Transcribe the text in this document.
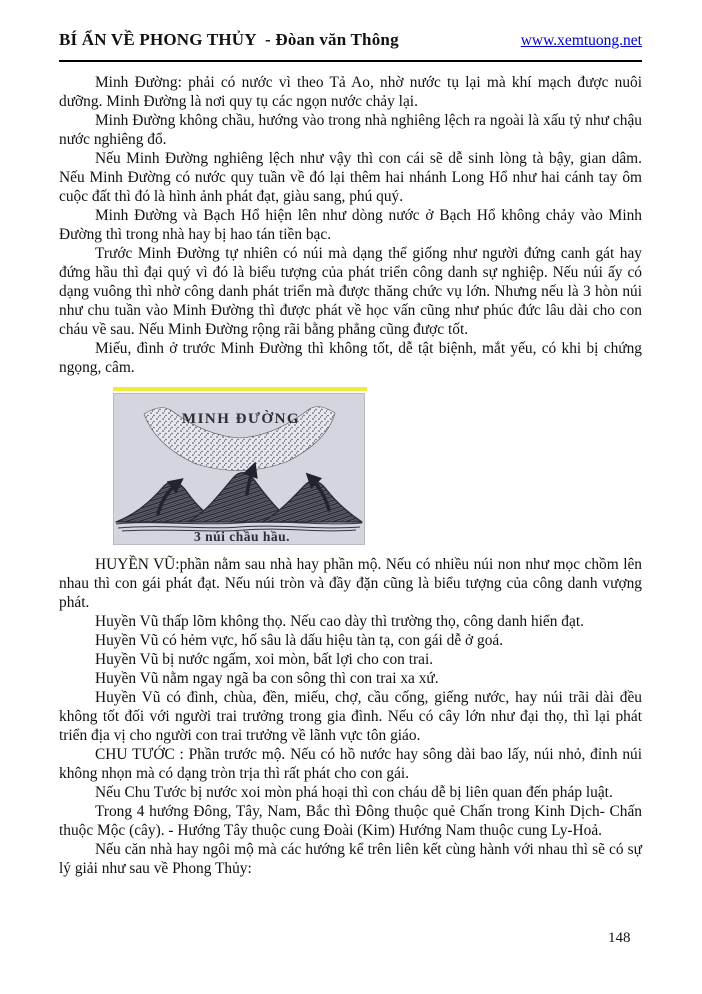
BÍ ẨN VỀ PHONG THỦY  - Đòan văn Thông	www.xemtuong.net

Minh Đường: phải có nước vì theo Tả Ao, nhờ nước tụ lại mà khí mạch được nuôi dưỡng. Minh Đường là nơi quy tụ các ngọn nước chảy lại.

Minh Đường không chầu, hướng vào trong nhà nghiêng lệch ra ngoài là xấu tỷ như chậu nước nghiêng đổ.

Nếu Minh Đường nghiêng lệch như vậy thì con cái sẽ dễ sinh lòng tà bậy, gian dâm. Nếu Minh Đường có nước quy tuần về đó lại thêm hai nhánh Long Hổ như hai cánh tay ôm cuộc đất thì đó là hình ảnh phát đạt, giàu sang, phú quý.

Minh Đường và Bạch Hổ hiện lên như dòng nước ở Bạch Hổ không chảy vào Minh Đường thì trong nhà hay bị hao tán tiền bạc.

Trước Minh Đường tự nhiên có núi mà dạng thể giống như người đứng canh gát hay đứng hầu thì đại quý vì đó là biểu tượng của phát triển công danh sự nghiệp. Nếu núi ấy có dạng vuông thì nhờ công danh phát triển mà được thăng chức vụ lớn. Nhưng nếu là 3 hòn núi như chu tuần vào Minh Đường thì được phát về học vấn cũng như phúc đức lâu dài cho con cháu về sau. Nếu Minh Đường rộng rãi bằng phẳng cũng được tốt.

Miếu, đình ở trước Minh Đường thì không tốt, dễ tật biệnh, mắt yếu, có khi bị chứng ngọng, câm.

MINH ĐƯỜNG
3 núi chầu hầu.

HUYỀN VŨ:phần nằm sau nhà hay phần mộ. Nếu có nhiều núi non như mọc chồm lên nhau thì con gái phát đạt. Nếu núi tròn và đầy đặn cũng là biểu tượng của công danh vượng phát.

Huyền Vũ thấp lõm không thọ. Nếu cao dày thì trường thọ, công danh hiển đạt.

Huyền Vũ có hẻm vực, hố sâu là dấu hiệu tàn tạ, con gái dễ ở goá.

Huyền Vũ bị nước ngấm, xoi mòn, bất lợi cho con trai.

Huyền Vũ nằm ngay ngã ba con sông thì con trai xa xứ.

Huyền Vũ có đình, chùa, đền, miếu, chợ, cầu cống, giếng nước, hay núi trãi dài đều không tốt đối với người trai trưởng trong gia đình. Nếu có cây lớn như đại thọ, thì lại phát triển địa vị cho người con trai trưởng về lãnh vực tôn giáo.

CHU TƯỚC : Phần trước mộ. Nếu có hồ nước hay sông dài bao lấy, núi nhỏ, đỉnh núi không nhọn mà có dạng tròn trịa thì rất phát cho con gái.

Nếu Chu Tước bị nước xoi mòn phá hoại thì con cháu dễ bị liên quan đến pháp luật.

Trong 4 hướng Đông, Tây, Nam, Bắc thì Đông thuộc quẻ Chấn trong Kinh Dịch- Chấn thuộc Mộc (cây). - Hướng Tây thuộc cung Đoài (Kim) Hướng Nam thuộc cung Ly-Hoả.

Nếu căn nhà hay ngôi mộ mà các hướng kể trên liên kết cùng hành với nhau thì sẽ có sự lý giải như sau về Phong Thủy:

148
